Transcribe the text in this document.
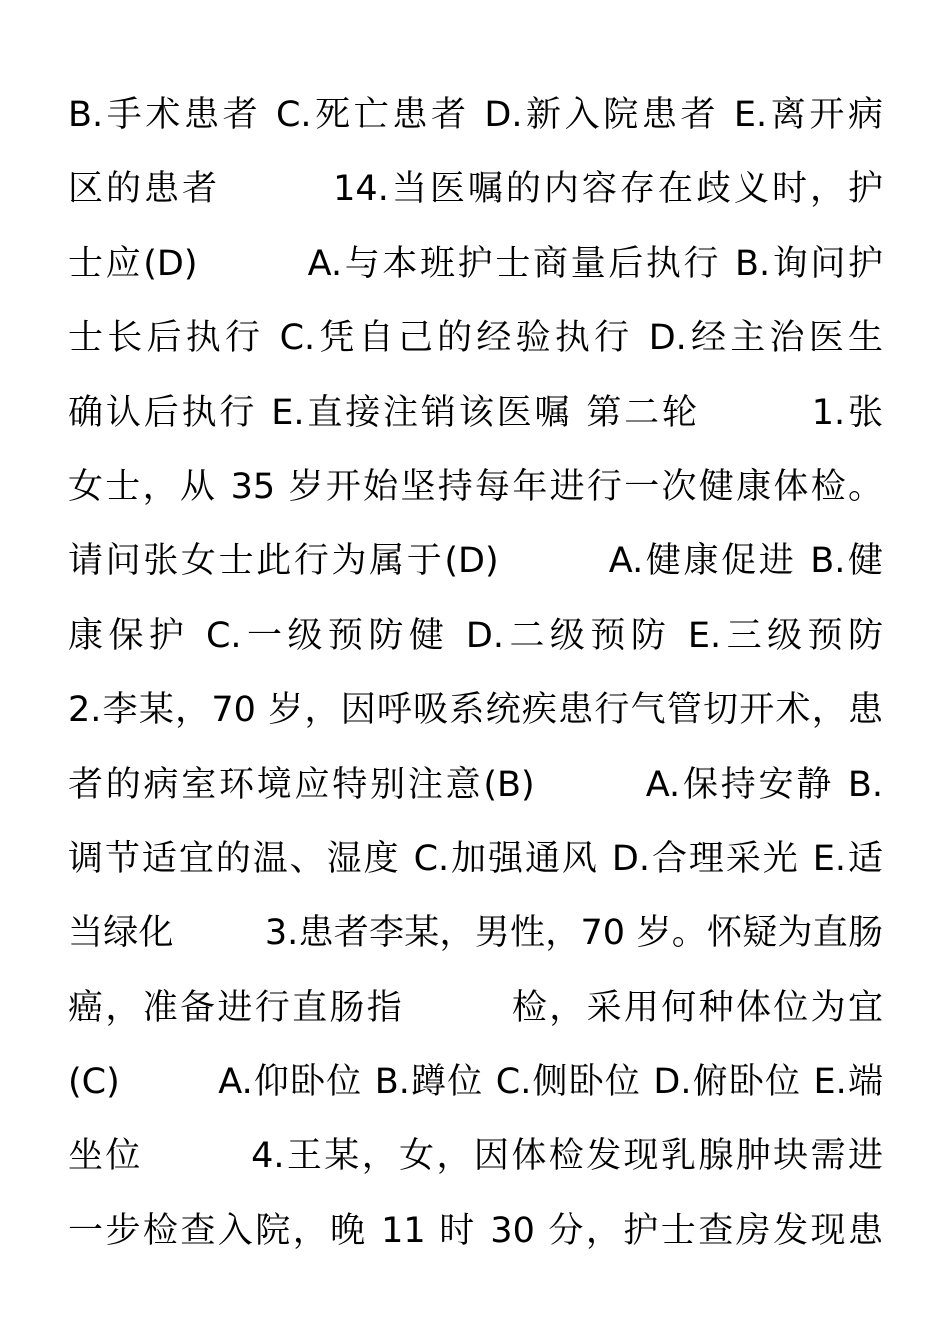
B.手术患者 C.死亡患者 D.新入院患者 E.离开病
区的患者        14.当医嘱的内容存在歧义时，护
士应(D)        A.与本班护士商量后执行 B.询问护
士长后执行 C.凭自己的经验执行 D.经主治医生
确认后执行 E.直接注销该医嘱 第二轮        1.张
女士，从 35 岁开始坚持每年进行一次健康体检。
请问张女士此行为属于(D)        A.健康促进 B.健
康保护 C.一级预防健 D.二级预防 E.三级预防
2.李某，70 岁，因呼吸系统疾患行气管切开术，患
者的病室环境应特别注意(B)        A.保持安静 B.
调节适宜的温、湿度 C.加强通风 D.合理采光 E.适
当绿化        3.患者李某，男性，70 岁。怀疑为直肠
癌，准备进行直肠指        检，采用何种体位为宜
(C)        A.仰卧位 B.蹲位 C.侧卧位 D.俯卧位 E.端
坐位        4.王某，女，因体检发现乳腺肿块需进
一步检查入院，晚 11 时 30 分，护士查房发现患
